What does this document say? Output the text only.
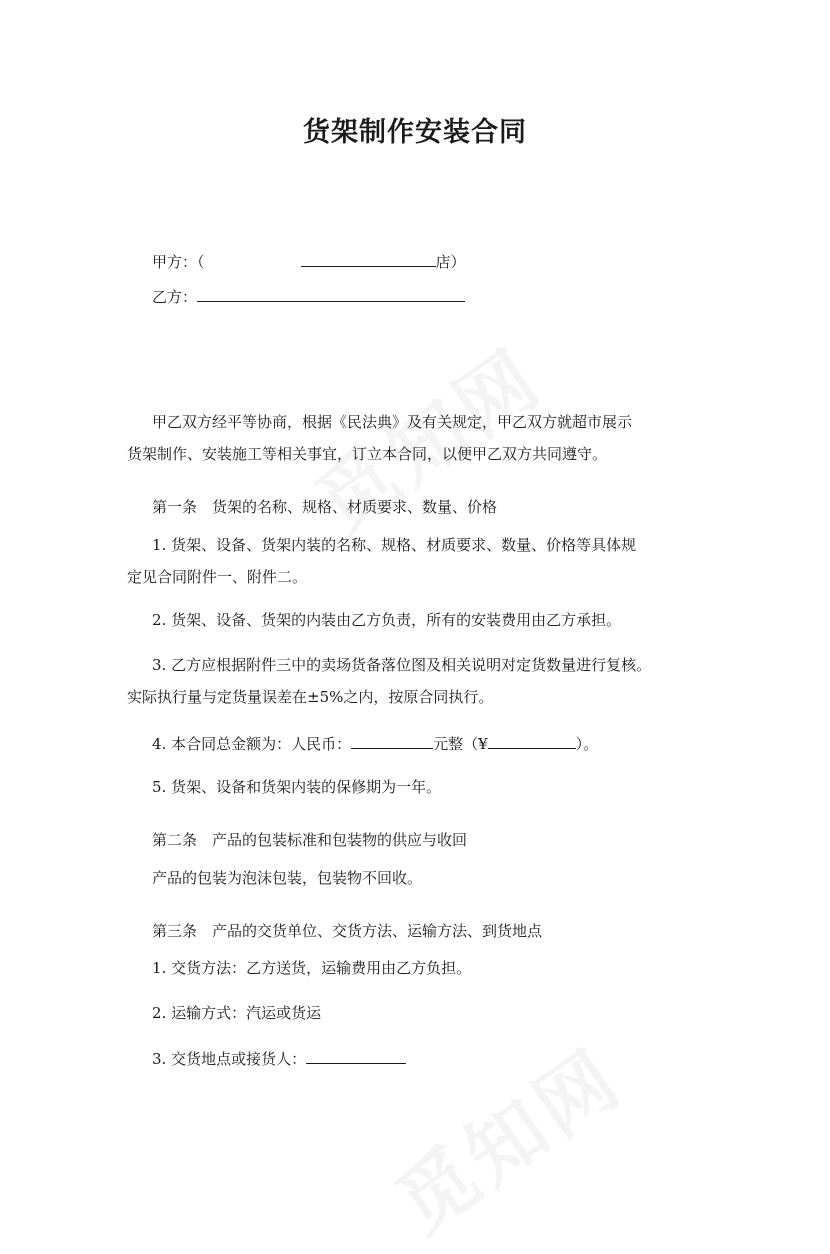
货架制作安装合同
甲方：（	店）
乙方：
甲乙双方经平等协商，根据《民法典》及有关规定，甲乙双方就超市展示
货架制作、安装施工等相关事宜，订立本合同，以便甲乙双方共同遵守。
第一条　货架的名称、规格、材质要求、数量、价格
1. 货架、设备、货架内装的名称、规格、材质要求、数量、价格等具体规
定见合同附件一、附件二。
2. 货架、设备、货架的内装由乙方负责，所有的安装费用由乙方承担。
3. 乙方应根据附件三中的卖场货备落位图及相关说明对定货数量进行复核。
实际执行量与定货量误差在±5%之内，按原合同执行。
4. 本合同总金额为：人民币：	元整（¥	）。
5. 货架、设备和货架内装的保修期为一年。
第二条　产品的包装标准和包装物的供应与收回
产品的包装为泡沫包装，包装物不回收。
第三条　产品的交货单位、交货方法、运输方法、到货地点
1. 交货方法：乙方送货，运输费用由乙方负担。
2. 运输方式：汽运或货运
3. 交货地点或接货人：
